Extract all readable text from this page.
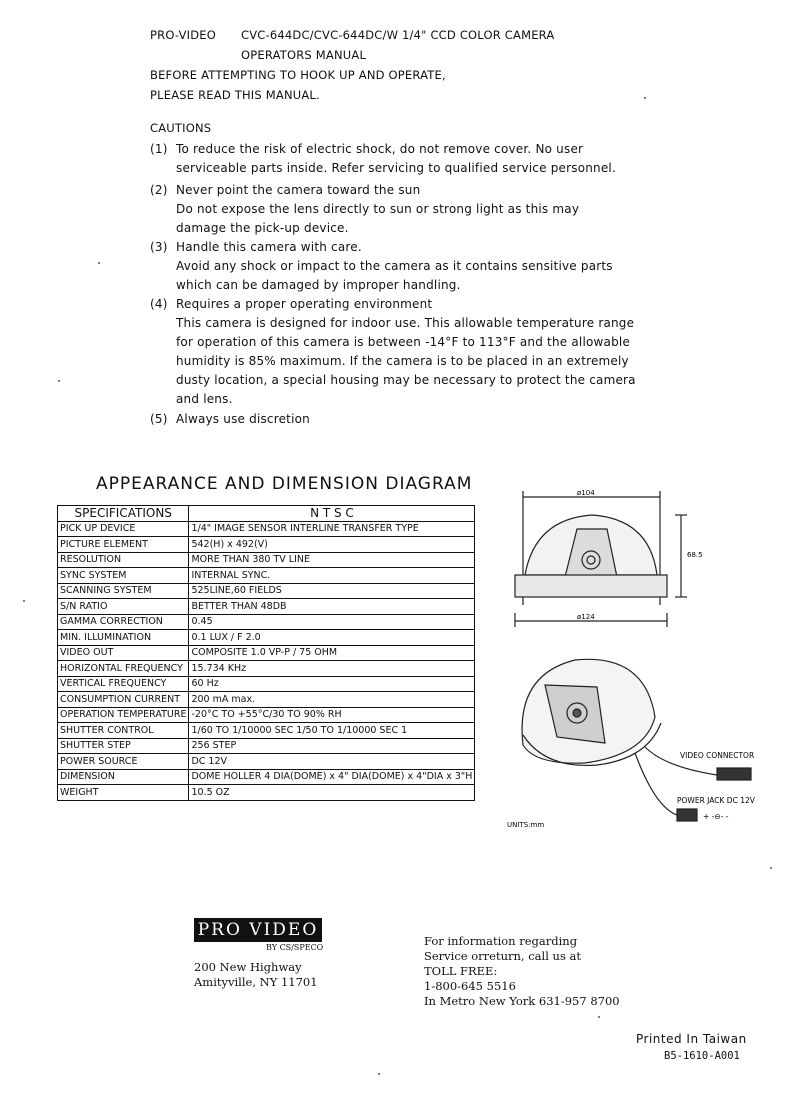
PRO-VIDEO CVC-644DC/CVC-644DC/W 1/4" CCD COLOR CAMERA
OPERATORS MANUAL
BEFORE ATTEMPTING TO HOOK UP AND OPERATE,
PLEASE READ THIS MANUAL.
CAUTIONS
(1) To reduce the risk of electric shock, do not remove cover. No user
serviceable parts inside. Refer servicing to qualified service personnel.
(2) Never point the camera toward the sun
Do not expose the lens directly to sun or strong light as this may
damage the pick-up device.
(3) Handle this camera with care.
Avoid any shock or impact to the camera as it contains sensitive parts
which can be damaged by improper handling.
(4) Requires a proper operating environment
This camera is designed for indoor use. This allowable temperature range
for operation of this camera is between -14°F to 113°F and the allowable
humidity is 85% maximum. If the camera is to be placed in an extremely
dusty location, a special housing may be necessary to protect the camera
and lens.
(5) Always use discretion
APPEARANCE AND DIMENSION DIAGRAM
SPECIFICATIONS	N T S C
PICK UP DEVICE	1/4" IMAGE SENSOR INTERLINE TRANSFER TYPE
PICTURE ELEMENT	542(H) x 492(V)
RESOLUTION	MORE THAN 380 TV LINE
SYNC SYSTEM	INTERNAL SYNC.
SCANNING SYSTEM	525LINE,60 FIELDS
S/N RATIO	BETTER THAN 48DB
GAMMA CORRECTION	0.45
MIN. ILLUMINATION	0.1 LUX / F 2.0
VIDEO OUT	COMPOSITE 1.0 VP-P / 75 OHM
HORIZONTAL FREQUENCY	15.734 KHz
VERTICAL FREQUENCY	60 Hz
CONSUMPTION CURRENT	200 mA max.
OPERATION TEMPERATURE	-20°C TO +55°C/30 TO 90% RH
SHUTTER CONTROL	1/60 TO 1/10000 SEC 1/50 TO 1/10000 SEC 1
SHUTTER STEP	256 STEP
POWER SOURCE	DC 12V
DIMENSION	DOME HOLLER 4 DIA(DOME) x 4" DIA(DOME) x 4"DIA x 3"H
WEIGHT	10.5 OZ
ø104
ø124
68.5
VIDEO CONNECTOR
POWER JACK DC 12V
+ -⊖- -
UNITS:mm
PRO VIDEO
BY CS/SPECO
200 New Highway
Amityville, NY 11701
For information regarding
Service orreturn, call us at
TOLL FREE:
1-800-645 5516
In Metro New York 631-957 8700
Printed In Taiwan
B5-1610-A001
